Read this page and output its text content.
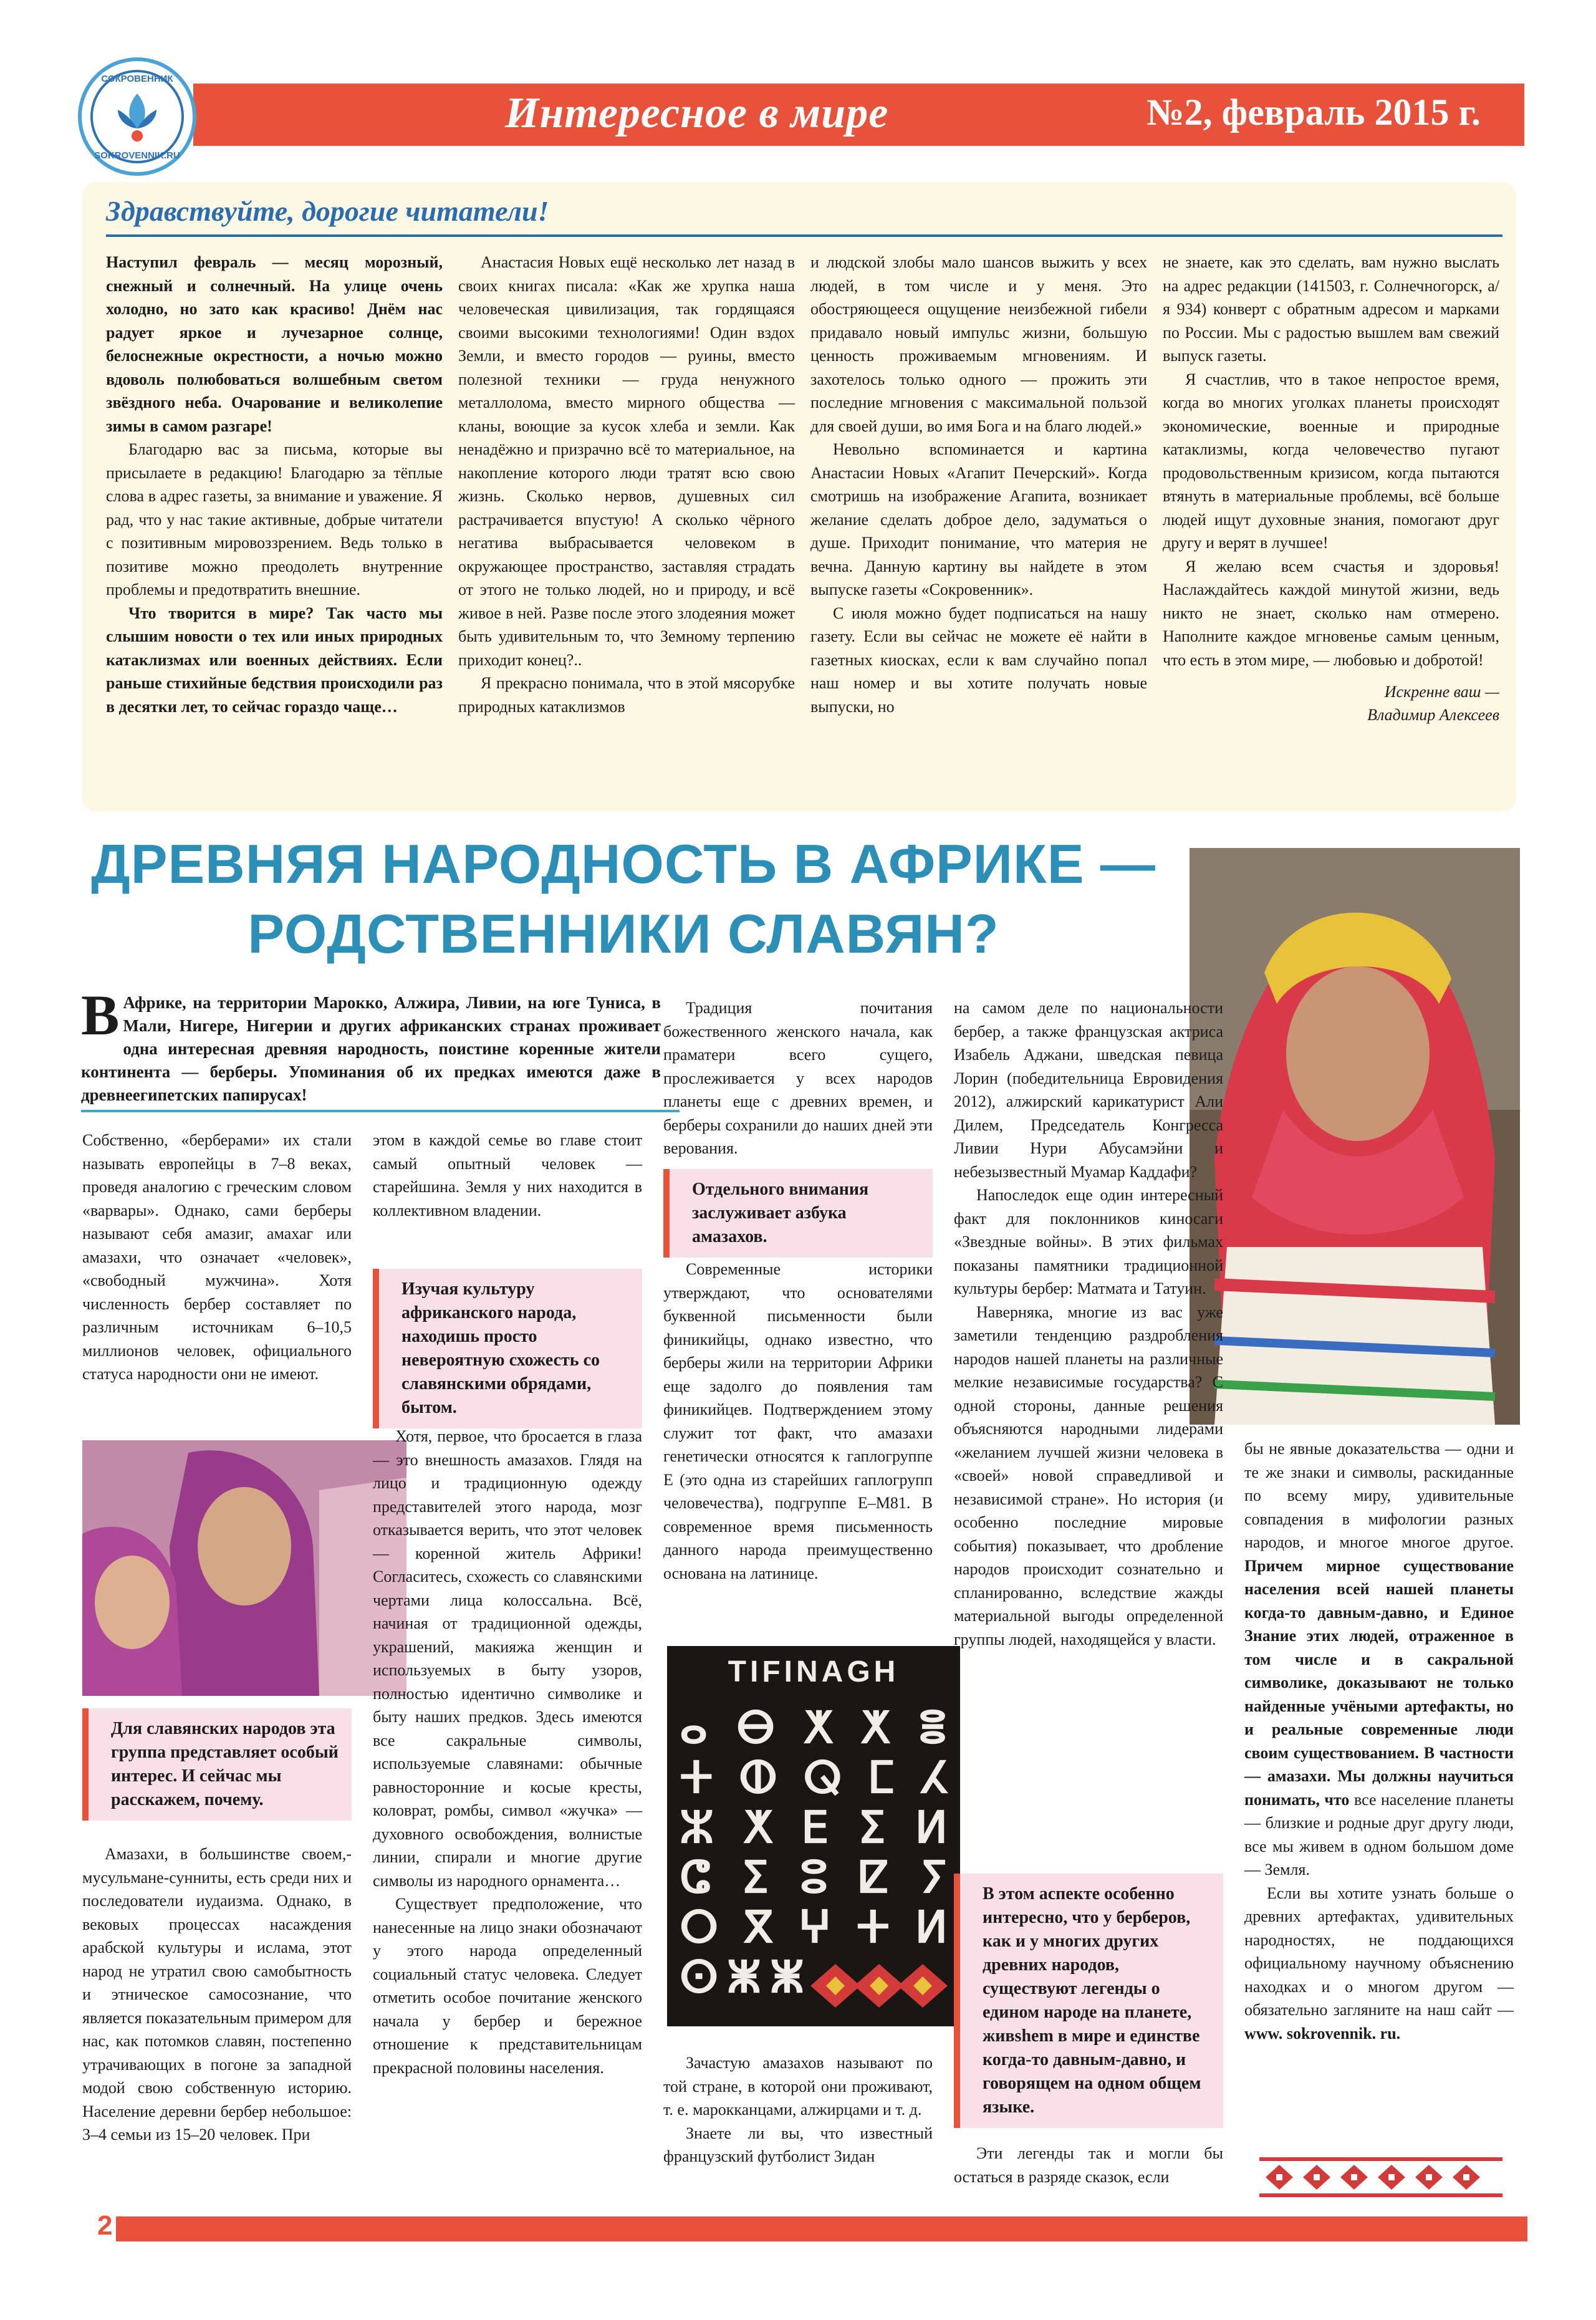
Интересное в мире	№2, февраль 2015 г.
СОКРОВЕННИК
SOKROVENNIK.RU
Здравствуйте, дорогие читатели!

Наступил февраль — месяц морозный, снежный и солнечный. На улице очень холодно, но зато как красиво! Днём нас радует яркое и лучезарное солнце, белоснежные окрестности, а ночью можно вдоволь полюбоваться волшебным светом звёздного неба. Очарование и великолепие зимы в самом разгаре!

Благодарю вас за письма, которые вы присылаете в редакцию! Благодарю за тёплые слова в адрес газеты, за внимание и уважение. Я рад, что у нас такие активные, добрые читатели с позитивным мировоззрением. Ведь только в позитиве можно преодолеть внутренние проблемы и предотвратить внешние.

Что творится в мире? Так часто мы слышим новости о тех или иных природных катаклизмах или военных действиях. Если раньше стихийные бедствия происходили раз в десятки лет, то сейчас гораздо чаще…

Анастасия Новых ещё несколько лет назад в своих книгах писала: «Как же хрупка наша человеческая цивилизация, так гордящаяся своими высокими технологиями! Один вздох Земли, и вместо городов — руины, вместо полезной техники — груда ненужного металлолома, вместо мирного общества — кланы, воющие за кусок хлеба и земли. Как ненадёжно и призрачно всё то материальное, на накопление которого люди тратят всю свою жизнь. Сколько нервов, душевных сил растрачивается впустую! А сколько чёрного негатива выбрасывается человеком в окружающее пространство, заставляя страдать от этого не только людей, но и природу, и всё живое в ней. Разве после этого злодеяния может быть удивительным то, что Земному терпению приходит конец?..

Я прекрасно понимала, что в этой мясорубке природных катаклизмов

и людской злобы мало шансов выжить у всех людей, в том числе и у меня. Это обостряющееся ощущение неизбежной гибели придавало новый импульс жизни, большую ценность проживаемым мгновениям. И захотелось только одного — прожить эти последние мгновения с максимальной пользой для своей души, во имя Бога и на благо людей.»

Невольно вспоминается и картина Анастасии Новых «Агапит Печерский». Когда смотришь на изображение Агапита, возникает желание сделать доброе дело, задуматься о душе. Приходит понимание, что материя не вечна. Данную картину вы найдете в этом выпуске газеты «Сокровенник».

С июля можно будет подписаться на нашу газету. Если вы сейчас не можете её найти в газетных киосках, если к вам случайно попал наш номер и вы хотите получать новые выпуски, но

не знаете, как это сделать, вам нужно выслать на адрес редакции (141503, г. Солнечногорск, а/я 934) конверт с обратным адресом и марками по России. Мы с радостью вышлем вам свежий выпуск газеты.

Я счастлив, что в такое непростое время, когда во многих уголках планеты происходят экономические, военные и природные катаклизмы, когда человечество пугают продовольственным кризисом, когда пытаются втянуть в материальные проблемы, всё больше людей ищут духовные знания, помогают друг другу и верят в лучшее!

Я желаю всем счастья и здоровья! Наслаждайтесь каждой минутой жизни, ведь никто не знает, сколько нам отмерено. Наполните каждое мгновенье самым ценным, что есть в этом мире, — любовью и добротой!

Искренне ваш —
Владимир Алексеев
ДРЕВНЯЯ НАРОДНОСТЬ В АФРИКЕ —
РОДСТВЕННИКИ СЛАВЯН?
В Африке, на территории Марокко, Алжира, Ливии, на юге Туниса, в Мали, Нигере, Нигерии и других африканских странах проживает одна интересная древняя народность, поистине коренные жители континента — берберы. Упоминания об их предках имеются даже в древнеегипетских папирусах!

Собственно, «берберами» их стали называть европейцы в 7–8 веках, проведя аналогию с греческим словом «варвары». Однако, сами берберы называют себя амазиг, амахаг или амазахи, что означает «человек», «свободный мужчина». Хотя численность бербер составляет по различным источникам 6–10,5 миллионов человек, официального статуса народности они не имеют.

Для славянских народов эта группа представляет особый интерес. И сейчас мы расскажем, почему.

Амазахи, в большинстве своем,- мусульмане-сунниты, есть среди них и последователи иудаизма. Однако, в вековых процессах насаждения арабской культуры и ислама, этот народ не утратил свою самобытность и этническое самосознание, что является показательным примером для нас, как потомков славян, постепенно утрачивающих в погоне за западной модой свою собственную историю. Население деревни бербер небольшое: 3–4 семьи из 15–20 человек. При

этом в каждой семье во главе стоит самый опытный человек — старейшина. Земля у них находится в коллективном владении.

Изучая культуру африканского народа, находишь просто невероятную схожесть со славянскими обрядами, бытом.

Хотя, первое, что бросается в глаза — это внешность амазахов. Глядя на лицо и традиционную одежду представителей этого народа, мозг отказывается верить, что этот человек — коренной житель Африки! Согласитесь, схожесть со славянскими чертами лица колоссальна. Всё, начиная от традиционной одежды, украшений, макияжа женщин и используемых в быту узоров, полностью идентично символике и быту наших предков. Здесь имеются все сакральные символы, используемые славянами: обычные равносторонние и косые кресты, коловрат, ромбы, символ «жучка» — духовного освобождения, волнистые линии, спирали и многие другие символы из народного орнамента…

Существует предположение, что нанесенные на лицо знаки обозначают у этого народа определенный социальный статус человека. Следует отметить особое почитание женского начала у бербер и бережное отношение к представительницам прекрасной половины населения.

Традиция почитания божественного женского начала, как праматери всего сущего, прослеживается у всех народов планеты еще с древних времен, и берберы сохранили до наших дней эти верования.

Отдельного внимания заслуживает азбука амазахов.

Современные историки утверждают, что основателями буквенной письменности были финикийцы, однако известно, что берберы жили на территории Африки еще задолго до появления там финикийцев. Подтверждением этому служит тот факт, что амазахи генетически относятся к гаплогруппе E (это одна из старейших гаплогрупп человечества), подгруппе E–M81. В современное время письменность данного народа преимущественно основана на латинице.

TIFINAGH
ⴰ ⴱ ⵅ ⵅ ⴻ
ⵜ ⵀ ⵕ ⵎ ⵃ
ⵣ ⵅ ⴹ ⵉ ⵍ
ⵛ ⵉ ⵓ ⵇ ⵢ
ⵔ ⴳ ⵖ ⵜ ⵍ
ⵙ ⵥ ⵥ

Зачастую амазахов называют по той стране, в которой они проживают, т. е. марокканцами, алжирцами и т. д.

Знаете ли вы, что известный французский футболист Зидан

на самом деле по национальности бербер, а также французская актриса Изабель Аджани, шведская певица Лорин (победительница Евровидения 2012), алжирский карикатурист Али Дилем, Председатель Конгресса Ливии Нури Абусамэйни и небезызвестный Муамар Каддафи?

Напоследок еще один интересный факт для поклонников киносаги «Звездные войны». В этих фильмах показаны памятники традиционной культуры бербер: Матмата и Татуин.

Наверняка, многие из вас уже заметили тенденцию раздробления народов нашей планеты на различные мелкие независимые государства? С одной стороны, данные решения объясняются народными лидерами «желанием лучшей жизни человека в «своей» новой справедливой и независимой стране». Но история (и особенно последние мировые события) показывает, что дробление народов происходит сознательно и спланированно, вследствие жажды материальной выгоды определенной группы людей, находящейся у власти.

В этом аспекте особенно интересно, что у берберов, как и у многих других древних народов, существуют легенды о едином народе на планете, живshem в мире и единстве когда-то давным-давно, и говорящем на одном общем языке.

Эти легенды так и могли бы остаться в разряде сказок, если

бы не явные доказательства — одни и те же знаки и символы, раскиданные по всему миру, удивительные совпадения в мифологии разных народов, и многое многое другое. Причем мирное существование населения всей нашей планеты когда-то давным-давно, и Единое Знание этих людей, отраженное в том числе и в сакральной символике, доказывают не только найденные учёными артефакты, но и реальные современные люди своим существованием. В частности — амазахи. Мы должны научиться понимать, что все население планеты — близкие и родные друг другу люди, все мы живем в одном большом доме — Земля.

Если вы хотите узнать больше о древних артефактах, удивительных народностях, не поддающихся официальному научному объяснению находках и о многом другом — обязательно загляните на наш сайт — www. sokrovennik. ru.

2
